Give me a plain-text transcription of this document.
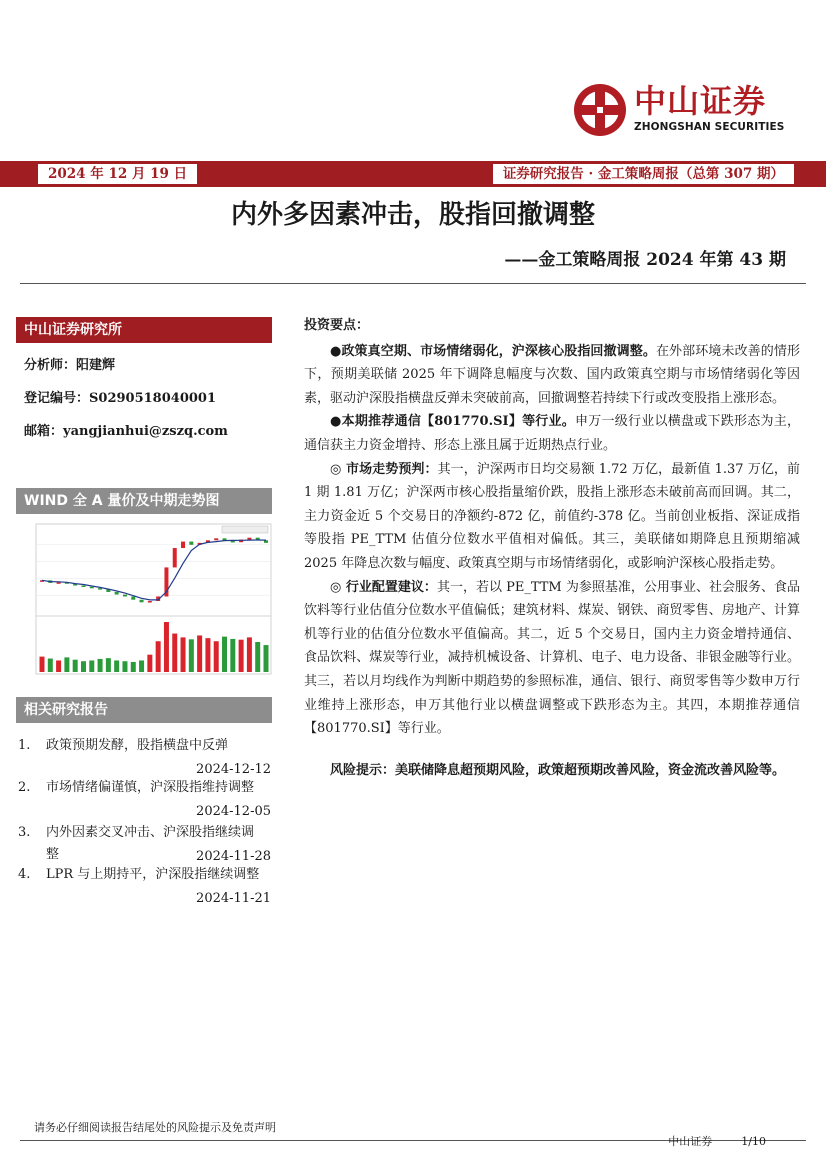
中山证券
ZHONGSHAN SECURITIES
2024 年 12 月 19 日	证券研究报告 · 金工策略周报（总第 307 期）
内外多因素冲击，股指回撤调整
——金工策略周报 2024 年第 43 期
中山证券研究所
分析师：阳建辉
登记编号：S0290518040001
邮箱：yangjianhui@zszq.com
WIND 全 A 量价及中期走势图
相关研究报告
1. 政策预期发酵，股指横盘中反弹
2024-12-12
2. 市场情绪偏谨慎，沪深股指维持调整
2024-12-05
3. 内外因素交叉冲击、沪深股指继续调
整	2024-11-28
4. LPR 与上期持平，沪深股指继续调整
2024-11-21

投资要点：

●政策真空期、市场情绪弱化，沪深核心股指回撤调整。在外部环境未改善的情形下，预期美联储 2025 年下调降息幅度与次数、国内政策真空期与市场情绪弱化等因素，驱动沪深股指横盘反弹未突破前高，回撤调整若持续下行或改变股指上涨形态。

●本期推荐通信【801770.SI】等行业。申万一级行业以横盘或下跌形态为主，通信获主力资金增持、形态上涨且属于近期热点行业。

◎ 市场走势预判：其一，沪深两市日均交易额 1.72 万亿，最新值 1.37 万亿，前 1 期 1.81 万亿；沪深两市核心股指量缩价跌，股指上涨形态未破前高而回调。其二，主力资金近 5 个交易日的净额约-872 亿，前值约-378 亿。当前创业板指、深证成指等股指 PE_TTM 估值分位数水平值相对偏低。其三，美联储如期降息且预期缩减 2025 年降息次数与幅度、政策真空期与市场情绪弱化，或影响沪深核心股指走势。

◎ 行业配置建议：其一，若以 PE_TTM 为参照基准，公用事业、社会服务、食品饮料等行业估值分位数水平值偏低；建筑材料、煤炭、钢铁、商贸零售、房地产、计算机等行业的估值分位数水平值偏高。其二，近 5 个交易日，国内主力资金增持通信、食品饮料、煤炭等行业，减持机械设备、计算机、电子、电力设备、非银金融等行业。其三，若以月均线作为判断中期趋势的参照标准，通信、银行、商贸零售等少数申万行业维持上涨形态，申万其他行业以横盘调整或下跌形态为主。其四，本期推荐通信【801770.SI】等行业。

风险提示：美联储降息超预期风险，政策超预期改善风险，资金流改善风险等。

请务必仔细阅读报告结尾处的风险提示及免责声明
中山证券	1/10
